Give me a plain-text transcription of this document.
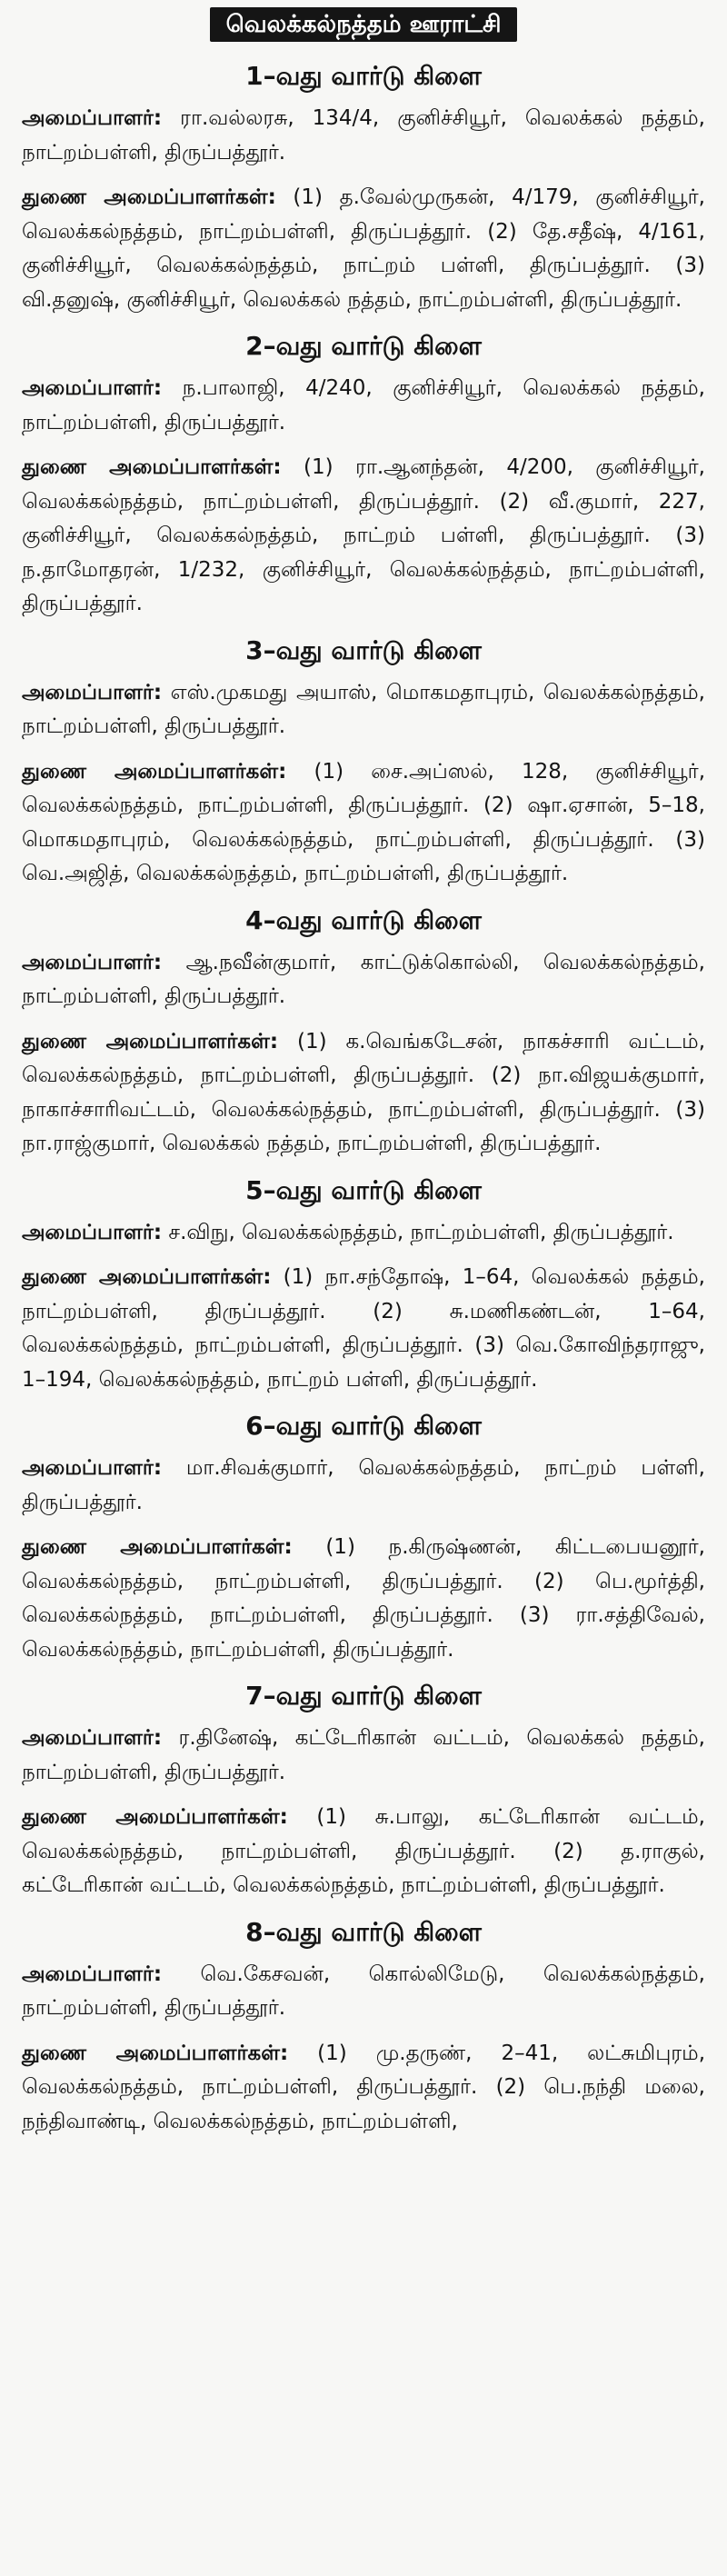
வெலக்கல்நத்தம் ஊராட்சி
1–வது வார்டு கிளை

அமைப்பாளர்: ரா.வல்லரசு, 134/4, குனிச்சியூர், வெலக்கல் நத்தம், நாட்றம்பள்ளி, திருப்பத்தூர்.

துணை அமைப்பாளர்கள்: (1) த.வேல்முருகன், 4/179, குனிச்சியூர், வெலக்கல்நத்தம், நாட்றம்பள்ளி, திருப்பத்தூர். (2) தே.சதீஷ், 4/161, குனிச்சியூர், வெலக்கல்நத்தம், நாட்றம் பள்ளி, திருப்பத்தூர். (3) வி.தனுஷ், குனிச்சியூர், வெலக்கல் நத்தம், நாட்றம்பள்ளி, திருப்பத்தூர்.

2–வது வார்டு கிளை

அமைப்பாளர்: ந.பாலாஜி, 4/240, குனிச்சியூர், வெலக்கல் நத்தம், நாட்றம்பள்ளி, திருப்பத்தூர்.

துணை அமைப்பாளர்கள்: (1) ரா.ஆனந்தன், 4/200, குனிச்சியூர், வெலக்கல்நத்தம், நாட்றம்பள்ளி, திருப்பத்தூர். (2) வீ.குமார், 227, குனிச்சியூர், வெலக்கல்நத்தம், நாட்றம் பள்ளி, திருப்பத்தூர். (3) ந.தாமோதரன், 1/232, குனிச்சியூர், வெலக்கல்நத்தம், நாட்றம்பள்ளி, திருப்பத்தூர்.

3–வது வார்டு கிளை

அமைப்பாளர்: எஸ்.முகமது அயாஸ், மொகமதாபுரம், வெலக்கல்நத்தம், நாட்றம்பள்ளி, திருப்பத்தூர்.

துணை அமைப்பாளர்கள்: (1) சை.அப்ஸல், 128, குனிச்சியூர், வெலக்கல்நத்தம், நாட்றம்பள்ளி, திருப்பத்தூர். (2) ஷா.ஏசான், 5–18, மொகமதாபுரம், வெலக்கல்நத்தம், நாட்றம்பள்ளி, திருப்பத்தூர். (3) வெ.அஜித், வெலக்கல்நத்தம், நாட்றம்பள்ளி, திருப்பத்தூர்.

4–வது வார்டு கிளை

அமைப்பாளர்: ஆ.நவீன்குமார், காட்டுக்கொல்லி, வெலக்கல்நத்தம், நாட்றம்பள்ளி, திருப்பத்தூர்.

துணை அமைப்பாளர்கள்: (1) க.வெங்கடேசன், நாகச்சாரி வட்டம், வெலக்கல்நத்தம், நாட்றம்பள்ளி, திருப்பத்தூர். (2) நா.விஜயக்குமார், நாகாச்சாரிவட்டம், வெலக்கல்நத்தம், நாட்றம்பள்ளி, திருப்பத்தூர். (3) நா.ராஜ்குமார், வெலக்கல் நத்தம், நாட்றம்பள்ளி, திருப்பத்தூர்.

5–வது வார்டு கிளை

அமைப்பாளர்: ச.விநு, வெலக்கல்நத்தம், நாட்றம்பள்ளி, திருப்பத்தூர்.

துணை அமைப்பாளர்கள்: (1) நா.சந்தோஷ், 1–64, வெலக்கல் நத்தம், நாட்றம்பள்ளி, திருப்பத்தூர். (2) சு.மணிகண்டன், 1–64, வெலக்கல்நத்தம், நாட்றம்பள்ளி, திருப்பத்தூர். (3) வெ.கோவிந்தராஜு, 1–194, வெலக்கல்நத்தம், நாட்றம் பள்ளி, திருப்பத்தூர்.

6–வது வார்டு கிளை

அமைப்பாளர்: மா.சிவக்குமார், வெலக்கல்நத்தம், நாட்றம் பள்ளி, திருப்பத்தூர்.

துணை அமைப்பாளர்கள்: (1) ந.கிருஷ்ணன், கிட்டபையனூர், வெலக்கல்நத்தம், நாட்றம்பள்ளி, திருப்பத்தூர். (2) பெ.மூர்த்தி, வெலக்கல்நத்தம், நாட்றம்பள்ளி, திருப்பத்தூர். (3) ரா.சத்திவேல், வெலக்கல்நத்தம், நாட்றம்பள்ளி, திருப்பத்தூர்.

7–வது வார்டு கிளை

அமைப்பாளர்: ர.தினேஷ், கட்டேரிகான் வட்டம், வெலக்கல் நத்தம், நாட்றம்பள்ளி, திருப்பத்தூர்.

துணை அமைப்பாளர்கள்: (1) சு.பாலு, கட்டேரிகான் வட்டம், வெலக்கல்நத்தம், நாட்றம்பள்ளி, திருப்பத்தூர். (2) த.ராகுல், கட்டேரிகான் வட்டம், வெலக்கல்நத்தம், நாட்றம்பள்ளி, திருப்பத்தூர்.

8–வது வார்டு கிளை

அமைப்பாளர்: வெ.கேசவன், கொல்லிமேடு, வெலக்கல்நத்தம், நாட்றம்பள்ளி, திருப்பத்தூர்.

துணை அமைப்பாளர்கள்: (1) மு.தருண், 2–41, லட்சுமிபுரம், வெலக்கல்நத்தம், நாட்றம்பள்ளி, திருப்பத்தூர். (2) பெ.நந்தி மலை, நந்திவாண்டி, வெலக்கல்நத்தம், நாட்றம்பள்ளி,
